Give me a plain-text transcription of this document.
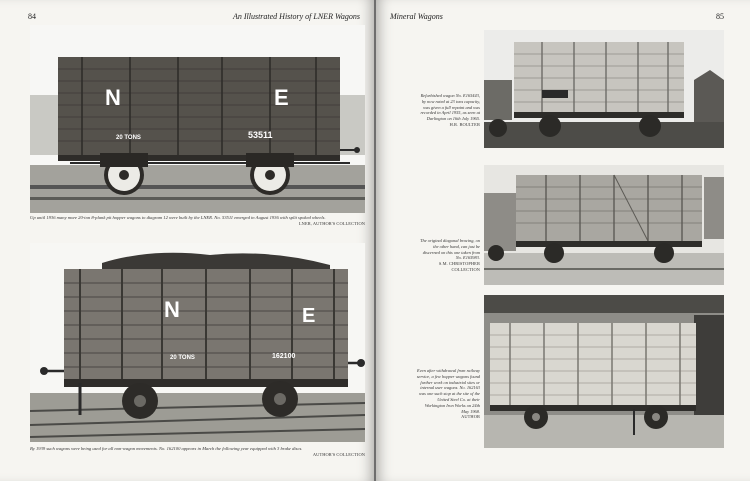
84	An Illustrated History of LNER Wagons
N	E
20 TONS	53511
Up until 1936 many more 20-ton 8-plank pit hopper wagons to diagram 12 were built by the LNER. No. 53511 emerged in August 1936 with split spoked wheels.
LNER, AUTHOR'S COLLECTION
N	E
20 TONS	162100
By 1939 such wagons were being used for all non-wagon movements. No. 162100 appears in March the following year equipped with 3 brake discs.
AUTHOR'S COLLECTION
Mineral Wagons	85
Refurbished wagon No. E165443, by now rated at 23 tons capacity, was given a full repaint and was recorded in April 1955, as seen at Darlington on 16th July 1965.
H.R. BOULTER
The original diagonal bracing, on the other hand, can just be discerned on this one taken from No. E165983.
S.M. CHRISTOPHER COLLECTION
Even after withdrawal from railway service, a few hopper wagons found further work on industrial sites or internal user wagons. No. 162163 was one such stop at the site of the United Steel Co. at their Workington Iron Works on 24th May 1968.
AUTHOR
